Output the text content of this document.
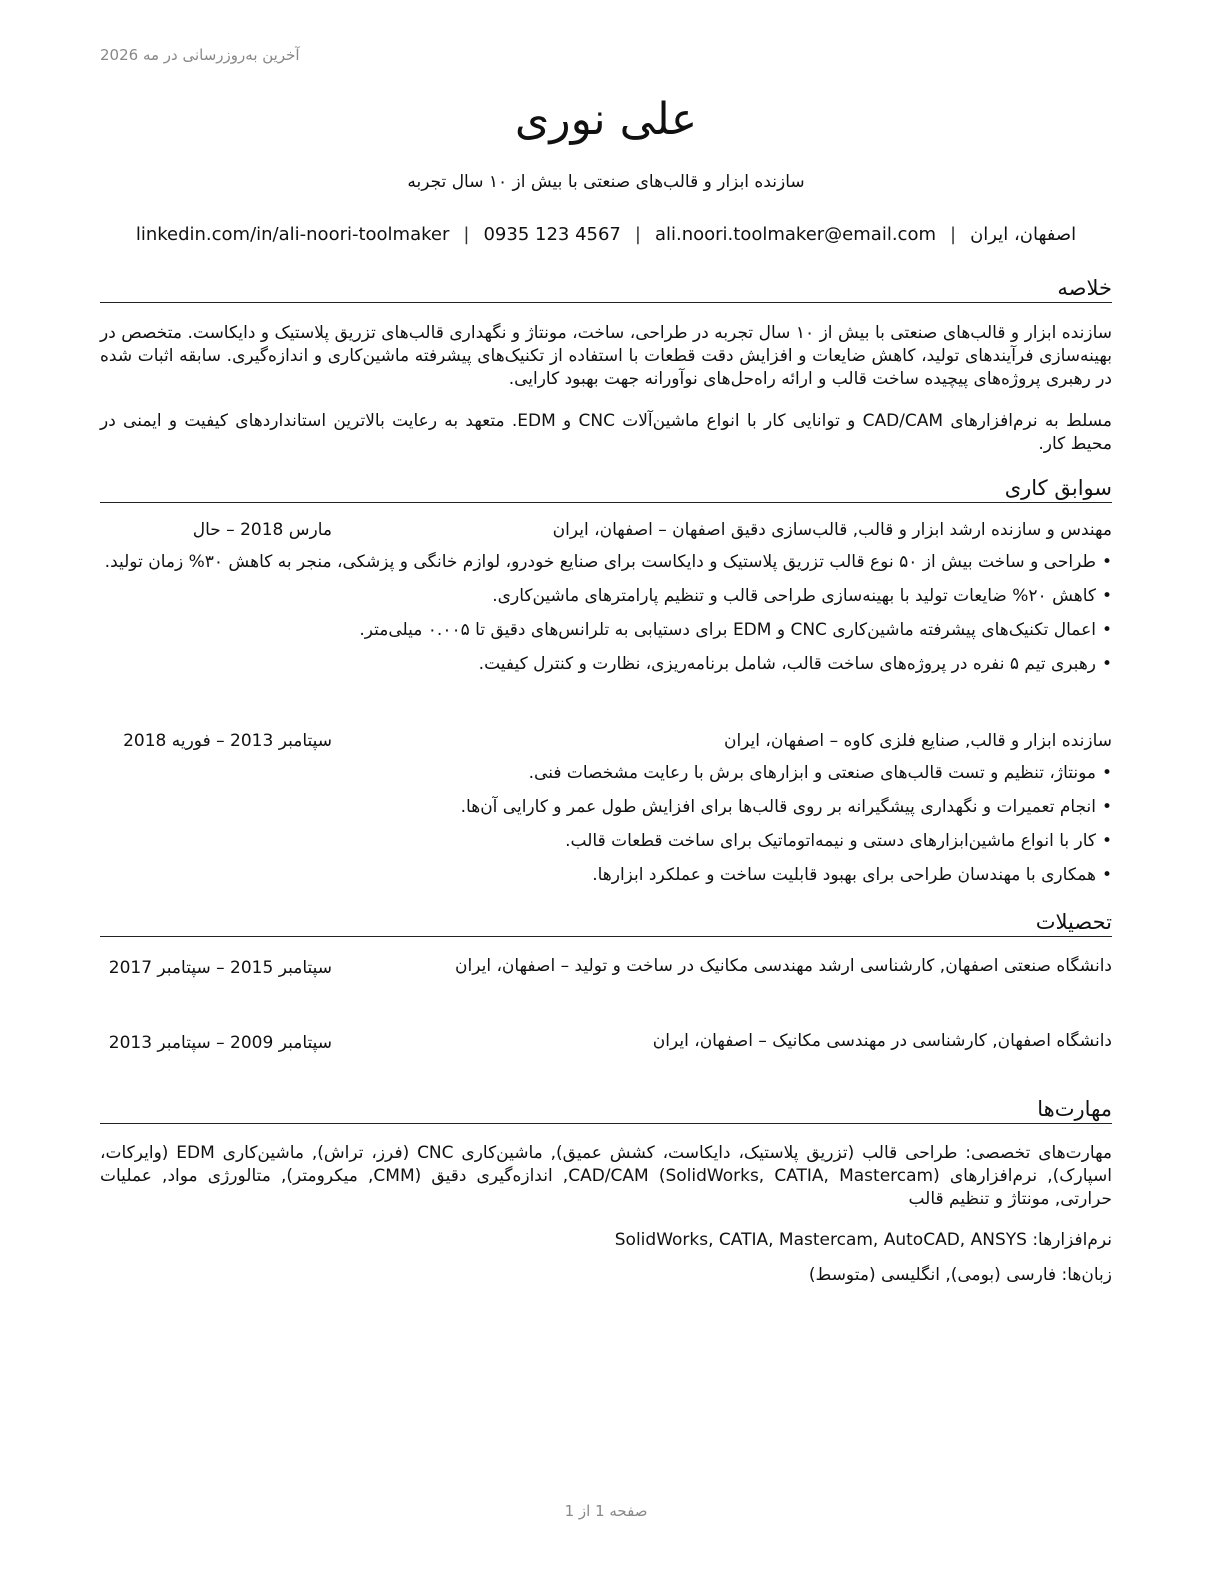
آخرین به‌روزرسانی در مه 2026
علی نوری
سازنده ابزار و قالب‌های صنعتی با بیش از ۱۰ سال تجربه
اصفهان، ایران|ali.noori.toolmaker@email.com|0935 123 4567|linkedin.com/in/ali-noori-toolmaker
خلاصه

سازنده ابزار و قالب‌های صنعتی با بیش از ۱۰ سال تجربه در طراحی، ساخت، مونتاژ و نگهداری قالب‌های تزریق پلاستیک و دایکاست. متخصص در بهینه‌سازی فرآیندهای تولید، کاهش ضایعات و افزایش دقت قطعات با استفاده از تکنیک‌های پیشرفته ماشین‌کاری و اندازه‌گیری. سابقه اثبات شده در رهبری پروژه‌های پیچیده ساخت قالب و ارائه راه‌حل‌های نوآورانه جهت بهبود کارایی.

مسلط به نرم‌افزارهای CAD/CAM و توانایی کار با انواع ماشین‌آلات CNC و EDM. متعهد به رعایت بالاترین استانداردهای کیفیت و ایمنی در محیط کار.

سوابق کاری
مهندس و سازنده ارشد ابزار و قالب, قالب‌سازی دقیق اصفهان – اصفهان، ایران
مارس 2018 – حال
• طراحی و ساخت بیش از ۵۰ نوع قالب تزریق پلاستیک و دایکاست برای صنایع خودرو، لوازم خانگی و پزشکی، منجر به کاهش ۳۰% زمان تولید.
• کاهش ۲۰% ضایعات تولید با بهینه‌سازی طراحی قالب و تنظیم پارامترهای ماشین‌کاری.
• اعمال تکنیک‌های پیشرفته ماشین‌کاری CNC و EDM برای دستیابی به تلرانس‌های دقیق تا ۰.۰۰۵ میلی‌متر.
• رهبری تیم ۵ نفره در پروژه‌های ساخت قالب، شامل برنامه‌ریزی، نظارت و کنترل کیفیت.
سازنده ابزار و قالب, صنایع فلزی کاوه – اصفهان، ایران
سپتامبر 2013 – فوریه 2018
• مونتاژ، تنظیم و تست قالب‌های صنعتی و ابزارهای برش با رعایت مشخصات فنی.
• انجام تعمیرات و نگهداری پیشگیرانه بر روی قالب‌ها برای افزایش طول عمر و کارایی آن‌ها.
• کار با انواع ماشین‌ابزارهای دستی و نیمه‌اتوماتیک برای ساخت قطعات قالب.
• همکاری با مهندسان طراحی برای بهبود قابلیت ساخت و عملکرد ابزارها.
تحصیلات
دانشگاه صنعتی اصفهان, کارشناسی ارشد مهندسی مکانیک در ساخت و تولید – اصفهان، ایران
سپتامبر 2015 – سپتامبر 2017
دانشگاه اصفهان, کارشناسی در مهندسی مکانیک – اصفهان، ایران
سپتامبر 2009 – سپتامبر 2013
مهارت‌ها

مهارت‌های تخصصی: طراحی قالب (تزریق پلاستیک، دایکاست، کشش عمیق), ماشین‌کاری CNC (فرز، تراش), ماشین‌کاری EDM (وایرکات، اسپارک), نرم‌افزارهای CAD/CAM (SolidWorks, CATIA, Mastercam), اندازه‌گیری دقیق (CMM, میکرومتر), متالورژی مواد, عملیات حرارتی, مونتاژ و تنظیم قالب

نرم‌افزارها: SolidWorks, CATIA, Mastercam, AutoCAD, ANSYS

زبان‌ها: فارسی (بومی), انگلیسی (متوسط)

صفحه 1 از 1
